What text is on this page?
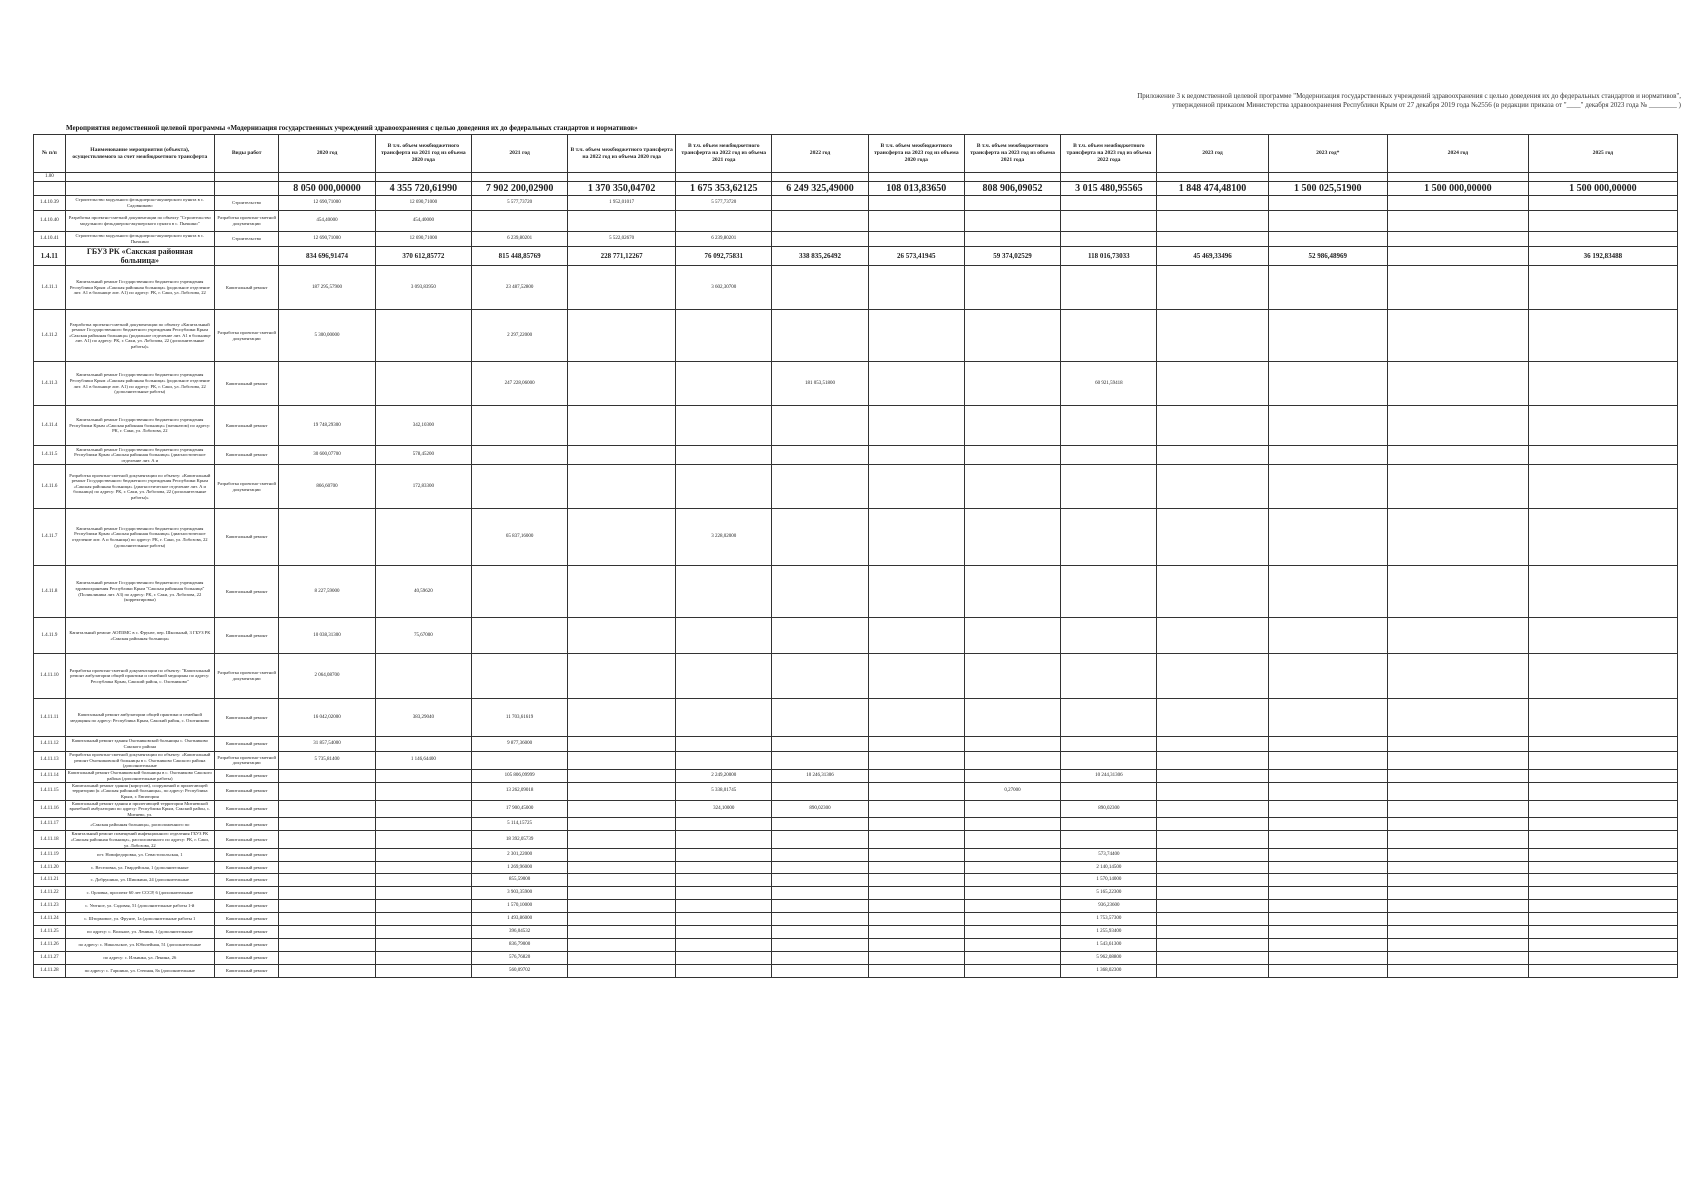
Приложение 3 к ведомственной целевой программе "Модернизация государственных учреждений здравоохранения с целью доведения их до федеральных стандартов и нормативов", утвержденной приказом Министерства здравоохранения Республики Крым от 27 декабря 2019 года №2556 (в редакции приказа от "____" декабря 2023 года № ________ )
Мероприятия ведомственной целевой программы «Модернизация государственных учреждений здравоохранения с целью доведения их до федеральных стандартов и нормативов»
№ п/п	Наименование мероприятия (объекта), осуществляемого за счет межбюджетного трансферта	Виды работ	2020 год	В т.ч. объем межбюджетного трансферта на 2021 год из объема 2020 года	2021 год	В т.ч. объем межбюджетного трансферта на 2022 год из объема 2020 года	В т.ч. объем межбюджетного трансферта на 2022 год из объема 2021 года	2022 год	В т.ч. объем межбюджетного трансферта на 2023 год из объема 2020 года	В т.ч. объем межбюджетного трансферта на 2023 год из объема 2021 года	В т.ч. объем межбюджетного трансферта на 2023 год из объема 2022 года	2023 год	2023 год*	2024 год	2025 год
1.00															
			8 050 000,00000	4 355 720,61990	7 902 200,02900	1 370 350,04702	1 675 353,62125	6 249 325,49000	108 013,83650	808 906,09052	3 015 480,95565	1 848 474,48100	1 500 025,51900	1 500 000,00000	1 500 000,00000
1.4.10.39	Строительство модульного фельдшерско-акушерского пункта в с. Садовниково	Строительство	12 690,71000	12 690,71000	5 577,73720	1 952,01017	5 577,73720								
1.4.10.40	Разработка проектно-сметной документации по объекту "Строительство модульного фельдшерско-акушерского пункта в с. Пычкино"	Разработка проектно-сметной документации	454,40000	454,40000											
1.4.10.41	Строительство модульного фельдшерско-акушерского пункта в с. Пычкино	Строительство	12 690,71000	12 690,71000	6 239,80201	5 522,02670	6 239,80201								
1.4.11	ГБУЗ РК «Сакская районная больница»		834 696,91474	370 612,85772	815 448,85769	228 771,12267	76 092,75831	338 835,26492	26 573,41945	59 374,02529	118 016,73033	45 469,33496	52 986,48969		36 192,83488
1.4.11.1	Капитальный ремонт Государственного бюджетного учреждения Республики Крым «Сакская районная больница» (родильное отделение лит. А1 в больнице лит. А1) по адресу: РК, г. Саки, ул. Лобозова, 22	Капитальный ремонт	187 295,57900	3 093,83950	23 487,52800		3 602,30700								
1.4.11.2	Разработка проектно-сметной документации по объекту «Капитальный ремонт Государственного бюджетного учреждения Республики Крым «Сакская районная больница» (родильное отделение лит. А1 в больнице лит. А1) по адресу: РК, г. Саки, ул. Лобозова, 22 (дополнительные работы)»	Разработка проектно-сметной документации	5 300,00000		2 297,22000										
1.4.11.3	Капитальный ремонт Государственного бюджетного учреждения Республики Крым «Сакская районная больница» (родильное отделение лит. А1 в больнице лит. А1) по адресу: РК, г. Саки, ул. Лобозова, 22 (дополнительные работы)	Капитальный ремонт			247 228,06000			181 053,51800			60 921,59418				
1.4.11.4	Капитальный ремонт Государственного бюджетного учреждения Республики Крым «Сакская районная больница» (патанатом) по адресу: РК, г. Саки, ул. Лобозова, 22	Капитальный ремонт	19 748,29300	342,10300											
1.4.11.5	Капитальный ремонт Государственного бюджетного учреждения Республики Крым «Сакская районная больница» (диагностическое отделение лит. А и	Капитальный ремонт	30 600,07700	578,45200											
1.4.11.6	Разработка проектно-сметной документации по объекту: «Капитальный ремонт Государственного бюджетного учреждения Республики Крым «Сакская районная больница» (диагностическое отделение лит. А и больница) по адресу: РК, г. Саки, ул. Лобозова, 22 (дополнительные работы)»	Разработка проектно-сметной документации	866,60700	172,83300											
1.4.11.7	Капитальный ремонт Государственного бюджетного учреждения Республики Крым «Сакская районная больница» (диагностическое отделение лит. А и больница) по адресу: РК, г. Саки, ул. Лобозова, 22 (дополнительные работы)	Капитальный ремонт			65 837,16000		3 228,02000								
1.4.11.8	Капитальный ремонт Государственного бюджетного учреждения здравоохранения Республики Крым "Сакская районная больница" (Поликлиника лит. А3) по адресу: РК, г. Саки, ул. Лобозова, 22 (корректировка)	Капитальный ремонт	8 227,59000	40,59620											
1.4.11.9	Капитальный ремонт АОПЗМС в с. Фрунзе, пер. Школьный, 3 ГБУЗ РК «Сакская районная больница»	Капитальный ремонт	10 038,31300	75,67000											
1.4.11.10	Разработка проектно-сметной документации по объекту: "Капитальный ремонт амбулатории общей практики и семейной медицины по адресу: Республика Крым, Сакский район, с. Охотниково"	Разработка проектно-сметной документации	2 064,08700												
1.4.11.11	Капитальный ремонт амбулатории общей практики и семейной медицины по адресу: Республика Крым, Сакский район, с. Охотниково	Капитальный ремонт	16 042,02000	383,29040	11 703,61619										
1.4.11.12	Капитальный ремонт здания Охотниковской больницы с. Охотниково Сакского района	Капитальный ремонт	31 857,54000		9 877,36000										
1.4.11.13	Разработка проектно-сметной документации по объекту: «Капитальный ремонт Охотниковской больницы в с. Охотниково Сакского района (дополнительные	Разработка проектно-сметной документации	5 735,81400	1 146,64400											
1.4.11.14	Капитальный ремонт Охотниковской больницы в с. Охотниково Сакского района (дополнительные работы)	Капитальный ремонт			105 806,09999		2 249,20000	10 246,31306			10 244,31306				
1.4.11.15	Капитальный ремонт здания (корпусов), сооружений и прилегающей территории (к «Сакская районной больницы», по адресу: Республика Крым, г. Евпатория	Капитальный ремонт			13 262,09018		5 338,01745			0,27000					
1.4.11.16	Капитальный ремонт здания и прилегающей территории Митяевской врачебной амбулатории по адресу: Республика Крым, Сакский район, с. Митяево, ул.	Капитальный ремонт			17 900,45000		324,10000	890,02300			890,02300				
1.4.11.17	«Сакская районная больница», расположенного по	Капитальный ремонт			5 114,15725										
1.4.11.18	Капитальный ремонт помещений инфекционного отделения ГБУЗ РК «Сакская районная больница», расположенного по адресу: РК, г. Саки, ул. Лобозова, 22	Капитальный ремонт			18 392,05739										
1.4.11.19	пгт. Новофедоровка, ул. Севастопольская, 1	Капитальный ремонт			2 301,22000						573,74400				
1.4.11.20	с. Веселовка, ул. Гвардейская, 1 (дополнительные	Капитальный ремонт			1 269,96000						2 140,14500				
1.4.11.21	с. Добрушино, ул. Шишкина, 24 (дополнительные	Капитальный ремонт			855,59000						1 570,14000				
1.4.11.22	с. Орловка, проспект 60 лет СССР, 6 (дополнительные	Капитальный ремонт			3 903,35900						5 165,22300				
1.4.11.23	с. Уютное, ул. Садовая, 51 (дополнительные работы 1-й	Капитальный ремонт			1 570,10000						936,23600				
1.4.11.24	с. Штормовое, ул. Фрунзе, 1а (дополнительные работы 1	Капитальный ремонт			1 493,86000						1 753,57300				
1.4.11.25	по адресу: с. Вольное, ул. Ленина, 1 (дополнительные	Капитальный ремонт			396,04532						1 255,93400				
1.4.11.26	по адресу: с. Никольское, ул. Юбилейная, 51 (дополнительные	Капитальный ремонт			836,79000						1 543,61300				
1.4.11.27	по адресу: с. Ильинка, ул. Ленина, 26	Капитальный ремонт			576,76820						5 962,08800				
1.4.11.28	по адресу: с. Гаршино, ул. Степная, 8а (дополнительные	Капитальный ремонт			560,09702						1 368,02300				
